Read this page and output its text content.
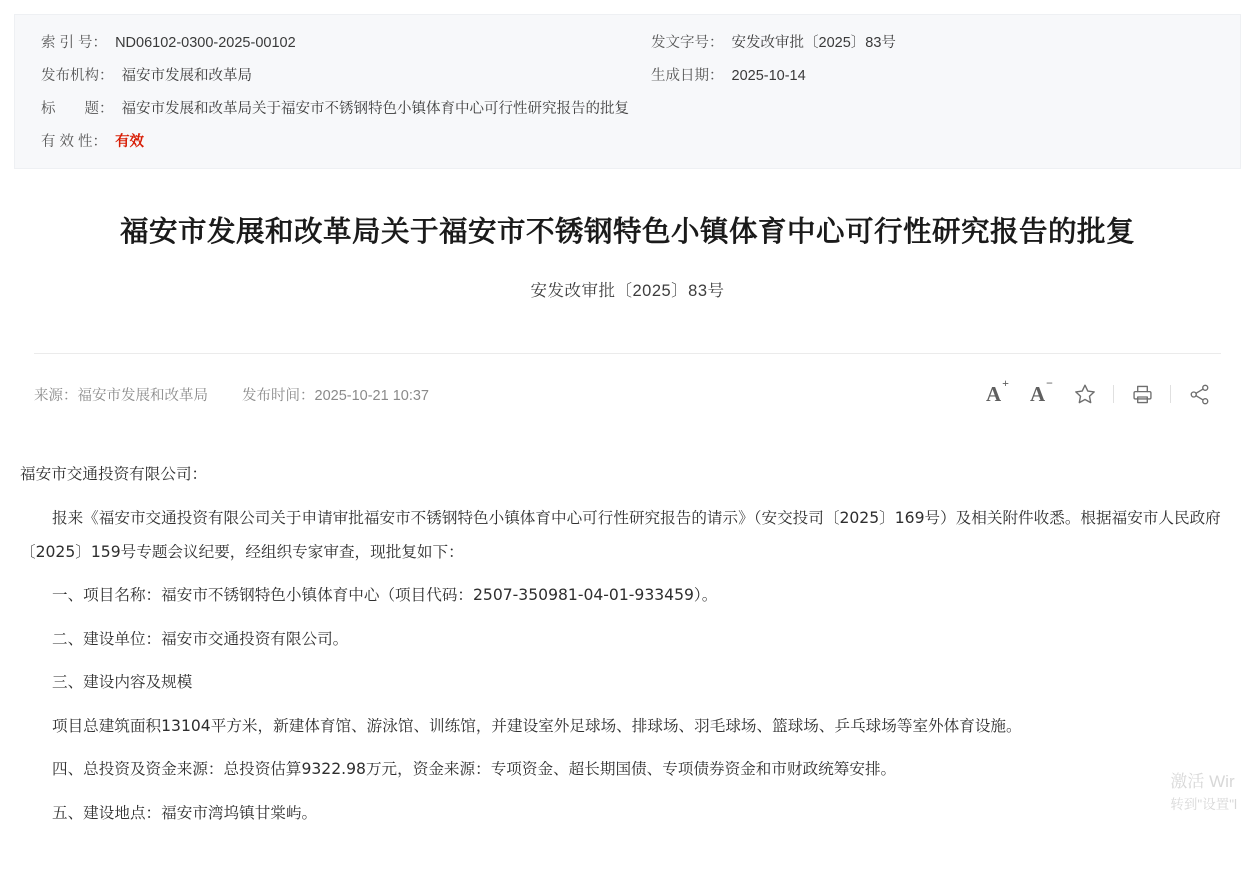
索 引 号： ND06102-0300-2025-00102	发文字号： 安发改审批〔2025〕83号
发布机构： 福安市发展和改革局	生成日期： 2025-10-14
标　　题： 福安市发展和改革局关于福安市不锈钢特色小镇体育中心可行性研究报告的批复
有 效 性： 有效
福安市发展和改革局关于福安市不锈钢特色小镇体育中心可行性研究报告的批复
安发改审批〔2025〕83号
来源：福安市发展和改革局 发布时间：2025-10-21 10:37	A+ A−

福安市交通投资有限公司：

报来《福安市交通投资有限公司关于申请审批福安市不锈钢特色小镇体育中心可行性研究报告的请示》（安交投司〔2025〕169号）及相关附件收悉。根据福安市人民政府〔2025〕159号专题会议纪要，经组织专家审查，现批复如下：

一、项目名称：福安市不锈钢特色小镇体育中心（项目代码：2507-350981-04-01-933459）。

二、建设单位：福安市交通投资有限公司。

三、建设内容及规模

项目总建筑面积13104平方米，新建体育馆、游泳馆、训练馆，并建设室外足球场、排球场、羽毛球场、篮球场、乒乓球场等室外体育设施。

四、总投资及资金来源：总投资估算9322.98万元，资金来源：专项资金、超长期国债、专项债券资金和市财政统筹安排。

五、建设地点：福安市湾坞镇甘棠屿。

激活 Wir
转到"设置"l
